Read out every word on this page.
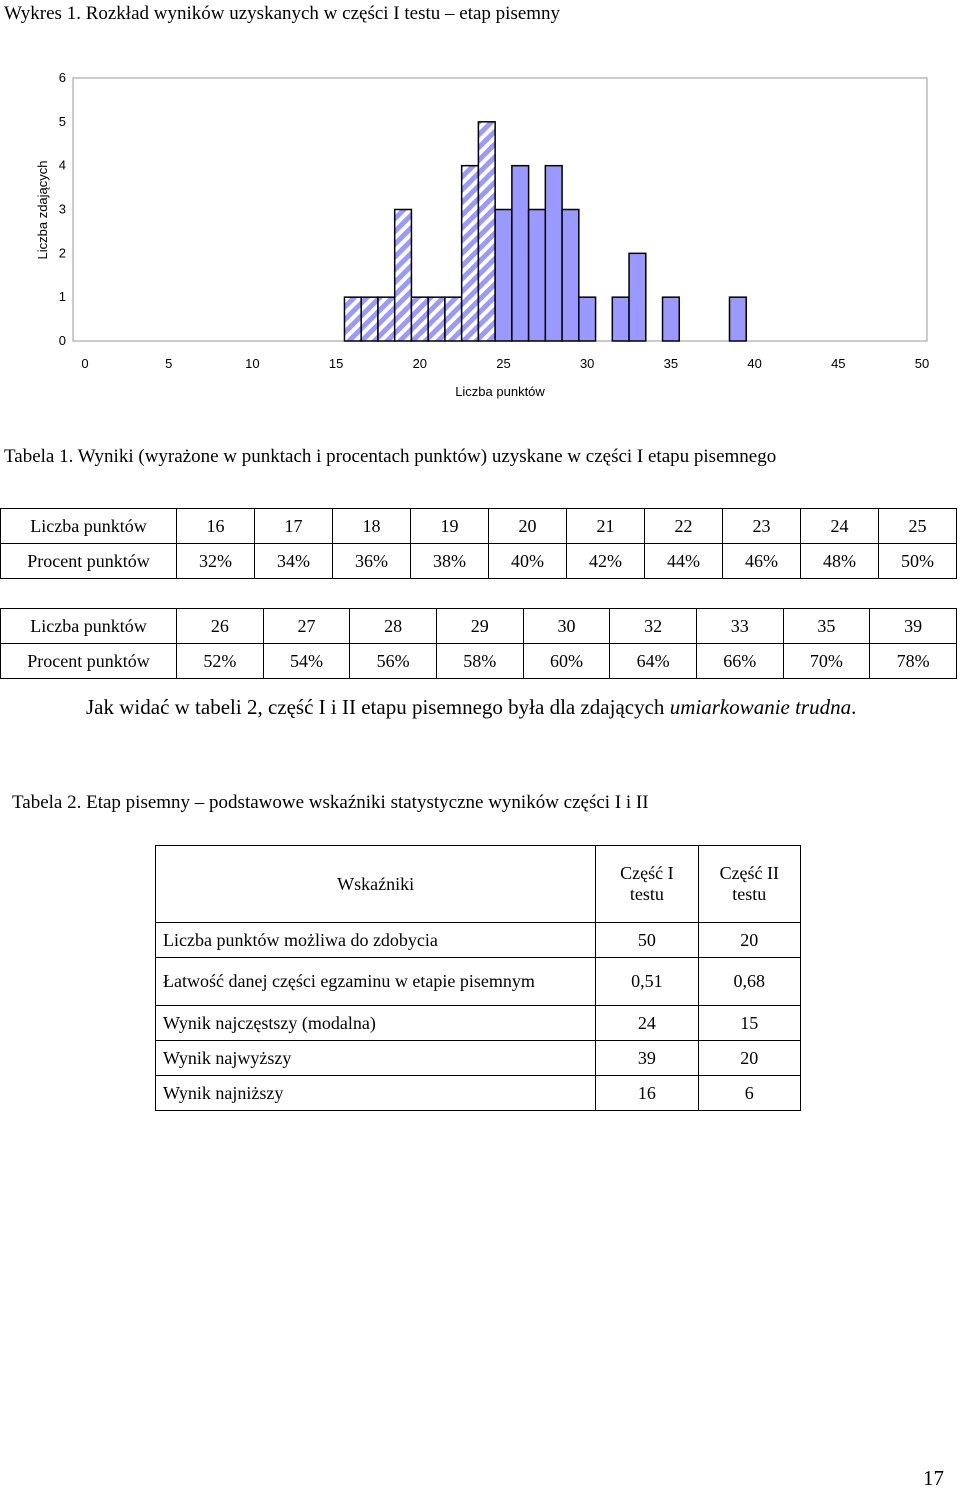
Wykres 1. Rozkład wyników uzyskanych w części I testu – etap pisemny
0
1
2
3
4
5
6
0	5	10	15	20	25	30	35	40	45	50
Liczba punktów
Liczba zdających
Tabela 1. Wyniki (wyrażone w punktach i procentach punktów) uzyskane w części I etapu pisemnego
Liczba punktów	16	17	18	19	20	21	22	23	24	25
Procent punktów	32%	34%	36%	38%	40%	42%	44%	46%	48%	50%
Liczba punktów	26	27	28	29	30	32	33	35	39
Procent punktów	52%	54%	56%	58%	60%	64%	66%	70%	78%

Jak widać w tabeli 2, część I i II etapu pisemnego była dla zdających umiarkowanie trudna.

Tabela 2. Etap pisemny – podstawowe wskaźniki statystyczne wyników części I i II
Wskaźniki	Część I testu	Część II testu
Liczba punktów możliwa do zdobycia	50	20
Łatwość danej części egzaminu w etapie pisemnym	0,51	0,68
Wynik najczęstszy (modalna)	24	15
Wynik najwyższy	39	20
Wynik najniższy	16	6
17
